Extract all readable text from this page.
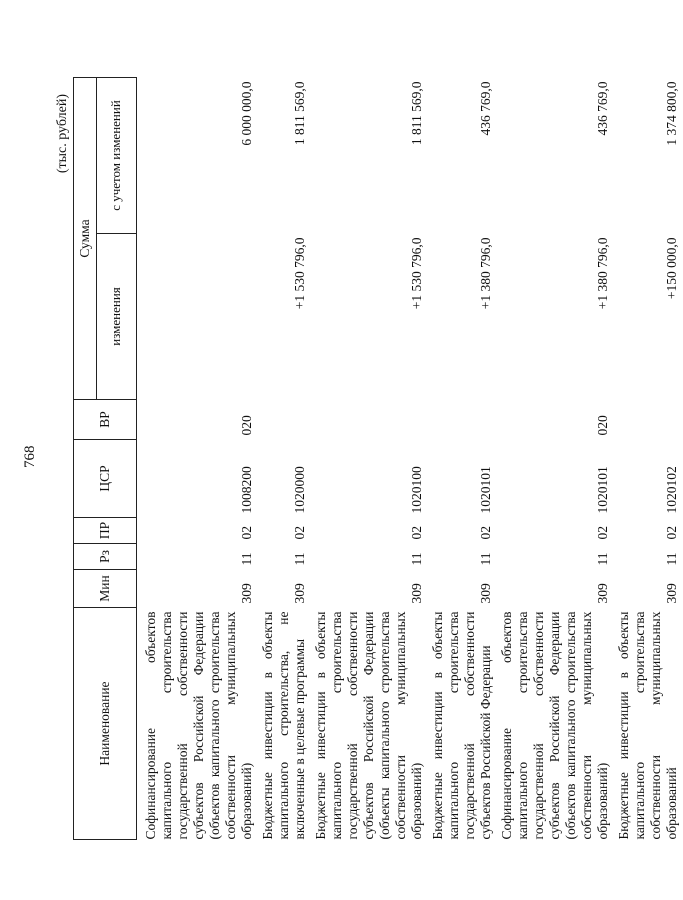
768
(тыс. рублей)
Наименование	Мин	Рз	ПР	ЦСР	ВР	Сумма	
						изменения	с учетом изменений
Софинансирование объектов капитального строительства государственной собственности субъектов Российской Федерации (объектов капитального строительства собственности муниципальных образований)	309	11	02	1008200	020		6 000 000,0
Бюджетные инвестиции в объекты капитального строительства, не включенные в целевые программы	309	11	02	1020000		+1 530 796,0	1 811 569,0
Бюджетные инвестиции в объекты капитального строительства государственной собственности субъектов Российской Федерации (объекты капитального строительства собственности муниципальных образований)	309	11	02	1020100		+1 530 796,0	1 811 569,0
Бюджетные инвестиции в объекты капитального строительства государственной собственности субъектов Российской Федерации	309	11	02	1020101		+1 380 796,0	436 769,0
Софинансирование объектов капитального строительства государственной собственности субъектов Российской Федерации (объектов капитального строительства собственности муниципальных образований)	309	11	02	1020101	020	+1 380 796,0	436 769,0
Бюджетные инвестиции в объекты капитального строительства собственности муниципальных образований	309	11	02	1020102		+150 000,0	1 374 800,0
